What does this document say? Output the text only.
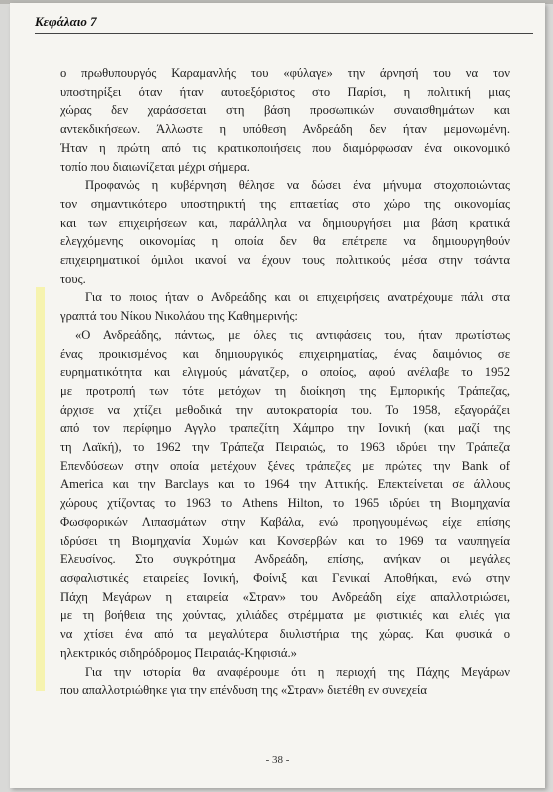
Κεφάλαιο 7
ο πρωθυπουργός Καραμανλής του «φύλαγε» την άρνησή του να τον
υποστηρίξει όταν ήταν αυτοεξόριστος στο Παρίσι, η πολιτική μιας
χώρας δεν χαράσσεται στη βάση προσωπικών συναισθημάτων και
αντεκδικήσεων. Άλλωστε η υπόθεση Ανδρεάδη δεν ήταν μεμονωμένη.
Ήταν η πρώτη από τις κρατικοποιήσεις που διαμόρφωσαν ένα οικονομικό
τοπίο που διαιωνίζεται μέχρι σήμερα.
Προφανώς η κυβέρνηση θέλησε να δώσει ένα μήνυμα στοχοποιώντας
τον σημαντικότερο υποστηρικτή της επταετίας στο χώρο της οικονομίας
και των επιχειρήσεων και, παράλληλα να δημιουργήσει μια βάση κρατικά
ελεγχόμενης οικονομίας η οποία δεν θα επέτρεπε να δημιουργηθούν
επιχειρηματικοί όμιλοι ικανοί να έχουν τους πολιτικούς μέσα στην τσάντα
τους.
Για το ποιος ήταν ο Ανδρεάδης και οι επιχειρήσεις ανατρέχουμε πάλι στα
γραπτά του Νίκου Νικολάου της Καθημερινής:
«Ο Ανδρεάδης, πάντως, με όλες τις αντιφάσεις του, ήταν πρωτίστως
ένας προικισμένος και δημιουργικός επιχειρηματίας, ένας δαιμόνιος σε
ευρηματικότητα και ελιγμούς μάνατζερ, ο οποίος, αφού ανέλαβε το 1952
με προτροπή των τότε μετόχων τη διοίκηση της Εμπορικής Τράπεζας,
άρχισε να χτίζει μεθοδικά την αυτοκρατορία του. Το 1958, εξαγοράζει
από τον περίφημο Αγγλο τραπεζίτη Χάμπρο την Ιονική (και μαζί της
τη Λαϊκή), το 1962 την Τράπεζα Πειραιώς, το 1963 ιδρύει την Τράπεζα
Επενδύσεων στην οποία μετέχουν ξένες τράπεζες με πρώτες την Bank of
America και την Barclays και το 1964 την Αττικής. Επεκτείνεται σε άλλους
χώρους χτίζοντας το 1963 το Athens Hilton, το 1965 ιδρύει τη Βιομηχανία
Φωσφορικών Λιπασμάτων στην Καβάλα, ενώ προηγουμένως είχε επίσης
ιδρύσει τη Βιομηχανία Χυμών και Κονσερβών και το 1969 τα ναυπηγεία
Ελευσίνος. Στο συγκρότημα Ανδρεάδη, επίσης, ανήκαν οι μεγάλες
ασφαλιστικές εταιρείες Ιονική, Φοίνιξ και Γενικαί Αποθήκαι, ενώ στην
Πάχη Μεγάρων η εταιρεία «Στραν» του Ανδρεάδη είχε απαλλοτριώσει,
με τη βοήθεια της χούντας, χιλιάδες στρέμματα με φιστικιές και ελιές για
να χτίσει ένα από τα μεγαλύτερα διυλιστήρια της χώρας. Και φυσικά ο
ηλεκτρικός σιδηρόδρομος Πειραιάς-Κηφισιά.»
Για την ιστορία θα αναφέρουμε ότι η περιοχή της Πάχης Μεγάρων
που απαλλοτριώθηκε για την επένδυση της «Στραν» διετέθη εν συνεχεία
- 38 -
